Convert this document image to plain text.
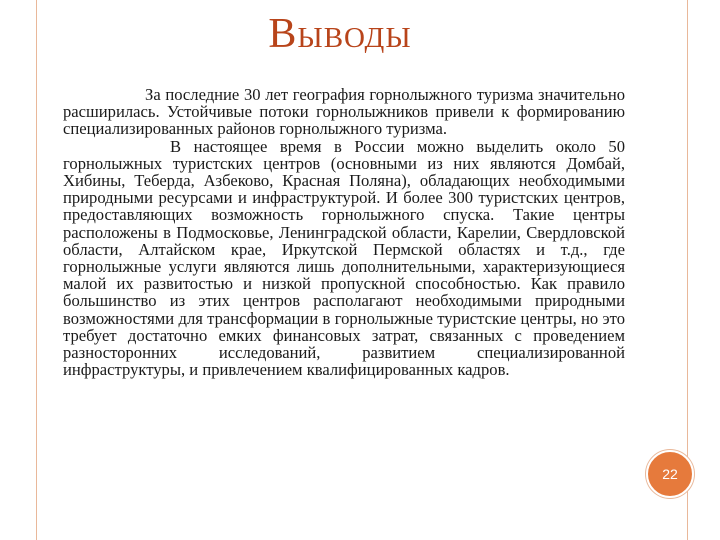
Выводы

За последние 30 лет география горнолыжного туризма значительно расширилась. Устойчивые потоки горнолыжников привели к формированию специализированных районов горнолыжного туризма.

В настоящее время в России можно выделить около 50 горнолыжных туристских центров (основными из них являются Домбай, Хибины, Теберда, Азбеково, Красная Поляна), обладающих необходимыми природными ресурсами и инфраструктурой. И более 300 туристских центров, предоставляющих возможность горнолыжного спуска. Такие центры расположены в Подмосковье, Ленинградской области, Карелии, Свердловской области, Алтайском крае, Иркутской Пермской областях и т.д., где горнолыжные услуги являются лишь дополнительными, характеризующиеся малой их развитостью и низкой пропускной способностью. Как правило большинство из этих центров располагают необходимыми природными возможностями для трансформации в горнолыжные туристские центры, но это требует достаточно емких финансовых затрат, связанных с проведением разносторонних исследований, развитием специализированной инфраструктуры, и привлечением квалифицированных кадров.

22
